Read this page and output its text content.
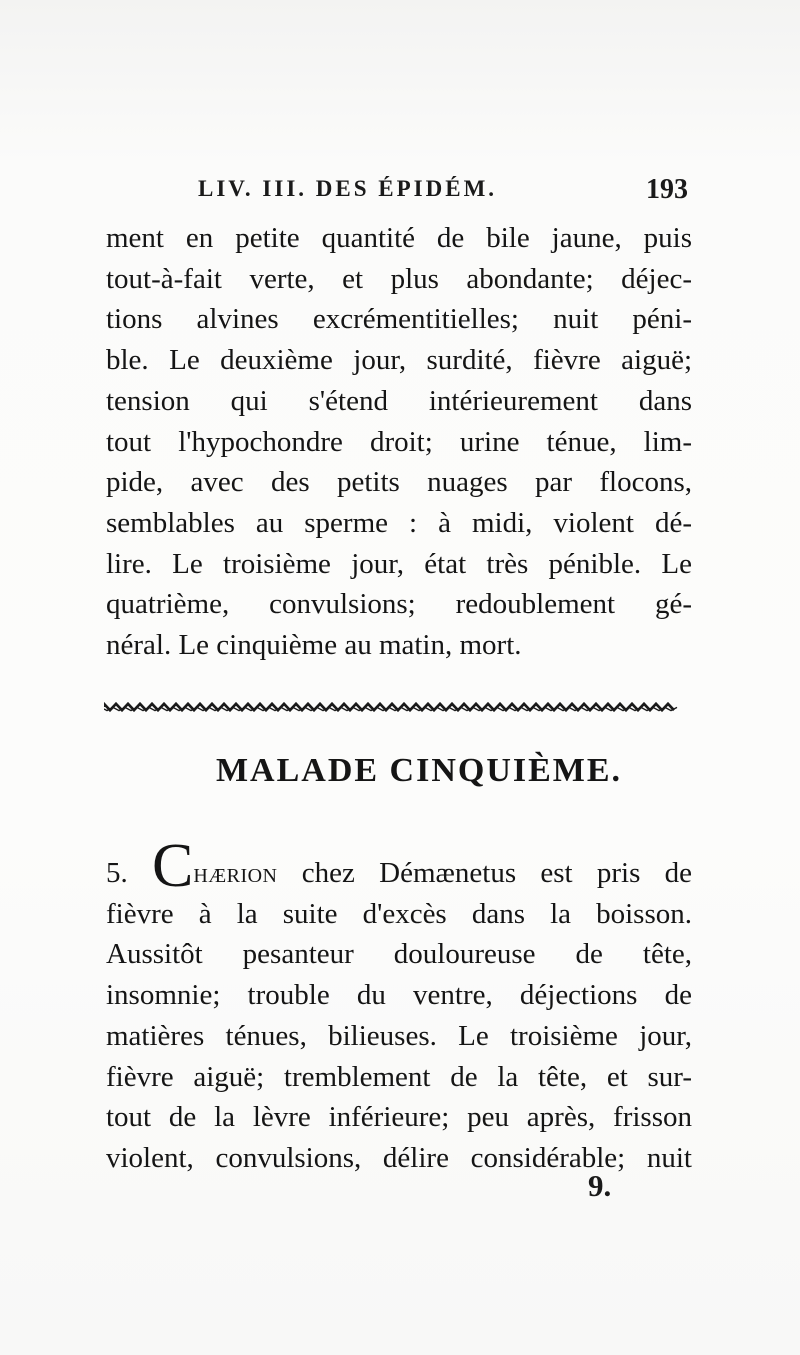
LIV. III. DES ÉPIDÉM.	193
ment en petite quantité de bile jaune, puis
tout-à-fait verte, et plus abondante; déjec-
tions alvines excrémentitielles; nuit péni-
ble. Le deuxième jour, surdité, fièvre aiguë;
tension qui s'étend intérieurement dans
tout l'hypochondre droit; urine ténue, lim-
pide, avec des petits nuages par flocons,
semblables au sperme : à midi, violent dé-
lire. Le troisième jour, état très pénible. Le
quatrième, convulsions; redoublement gé-
néral. Le cinquième au matin, mort.
MALADE CINQUIÈME.
5. Chærion chez Démænetus est pris de
fièvre à la suite d'excès dans la boisson.
Aussitôt pesanteur douloureuse de tête,
insomnie; trouble du ventre, déjections de
matières ténues, bilieuses. Le troisième jour,
fièvre aiguë; tremblement de la tête, et sur-
tout de la lèvre inférieure; peu après, frisson
violent, convulsions, délire considérable; nuit
9.
